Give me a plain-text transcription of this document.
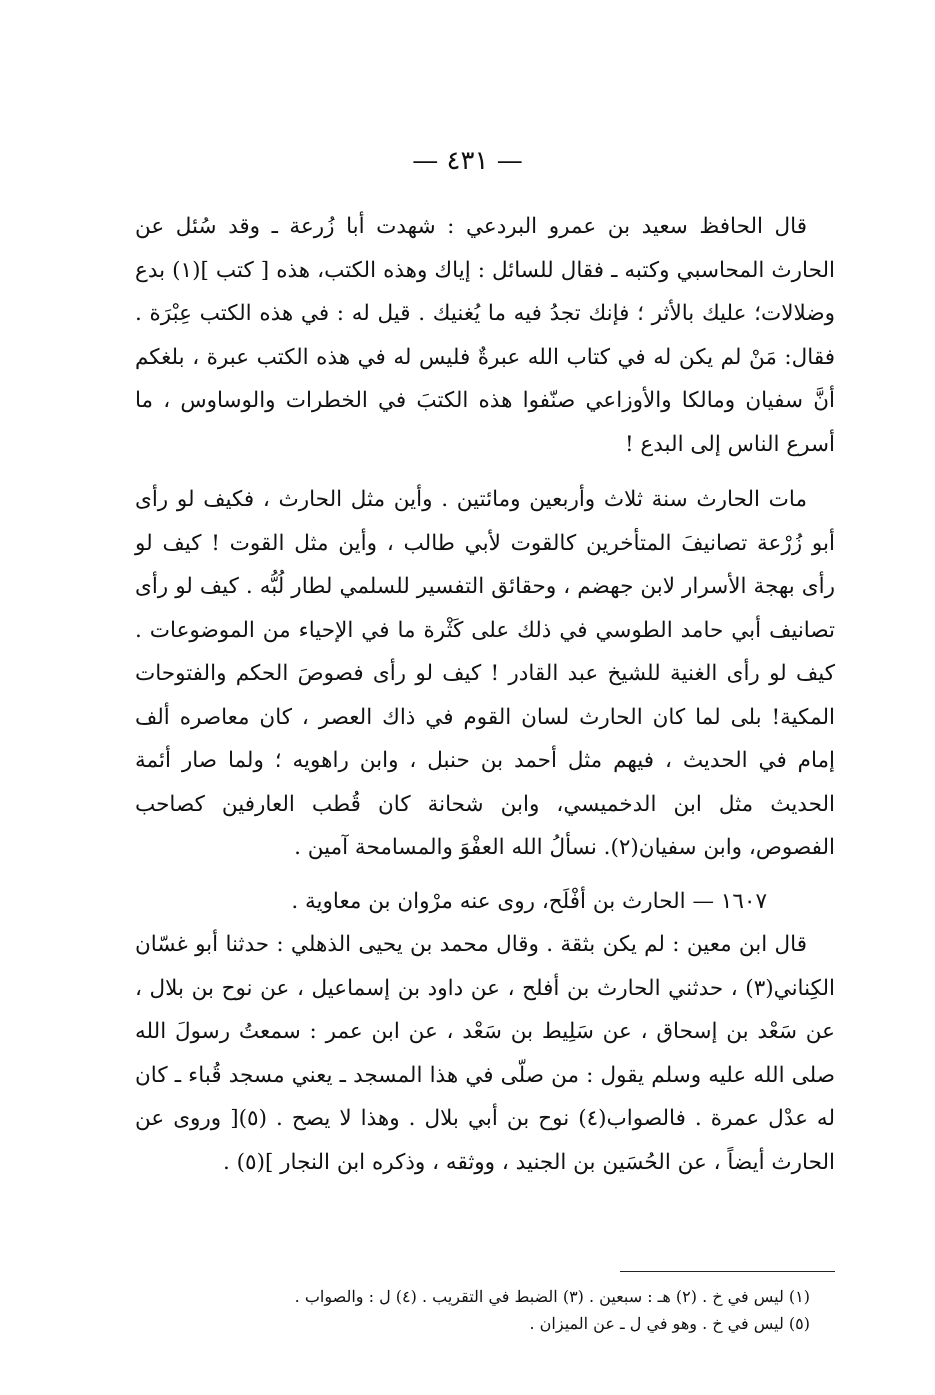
— ٤٣١ —

قال الحافظ سعيد بن عمرو البردعي : شهدت أبا زُرعة ـ وقد سُئل عن الحارث المحاسبي وكتبه ـ فقال للسائل : إياك وهذه الكتب، هذه [ كتب ](١) بدع وضلالات؛ عليك بالأثر ؛ فإنك تجدُ فيه ما يُغنيك . قيل له : في هذه الكتب عِبْرَة . فقال: مَنْ لم يكن له في كتاب الله عبرةٌ فليس له في هذه الكتب عبرة ، بلغكم أنَّ سفيان ومالكا والأوزاعي صنّفوا هذه الكتبَ في الخطرات والوساوس ، ما أسرع الناس إلى البدع !

مات الحارث سنة ثلاث وأربعين ومائتين . وأين مثل الحارث ، فكيف لو رأى أبو زُرْعة تصانيفَ المتأخرين كالقوت لأبي طالب ، وأين مثل القوت ! كيف لو رأى بهجة الأسرار لابن جهضم ، وحقائق التفسير للسلمي لطار لُبُّه . كيف لو رأى تصانيف أبي حامد الطوسي في ذلك على كَثْرة ما في الإحياء من الموضوعات . كيف لو رأى الغنية للشيخ عبد القادر ! كيف لو رأى فصوصَ الحكم والفتوحات المكية! بلى لما كان الحارث لسان القوم في ذاك العصر ، كان معاصره ألف إمام في الحديث ، فيهم مثل أحمد بن حنبل ، وابن راهويه ؛ ولما صار أئمة الحديث مثل ابن الدخميسي، وابن شحانة كان قُطب العارفين كصاحب الفصوص، وابن سفيان(٢). نسألُ الله العفْوَ والمسامحة آمين .

١٦٠٧ — الحارث بن أفْلَح، روى عنه مرْوان بن معاوية .

قال ابن معين : لم يكن بثقة . وقال محمد بن يحيى الذهلي : حدثنا أبو غسّان الكِناني(٣) ، حدثني الحارث بن أفلح ، عن داود بن إسماعيل ، عن نوح بن بلال ، عن سَعْد بن إسحاق ، عن سَلِيط بن سَعْد ، عن ابن عمر : سمعتُ رسولَ الله صلى الله عليه وسلم يقول : من صلّى في هذا المسجد ـ يعني مسجد قُباء ـ كان له عدْل عمرة . فالصواب(٤) نوح بن أبي بلال . وهذا لا يصح . (٥)[ وروى عن الحارث أيضاً ، عن الحُسَين بن الجنيد ، ووثقه ، وذكره ابن النجار ](٥) .

(١) ليس في خ . (٢) هـ : سبعين . (٣) الضبط في التقريب . (٤) ل : والصواب .

(٥) ليس في خ . وهو في ل ـ عن الميزان .
